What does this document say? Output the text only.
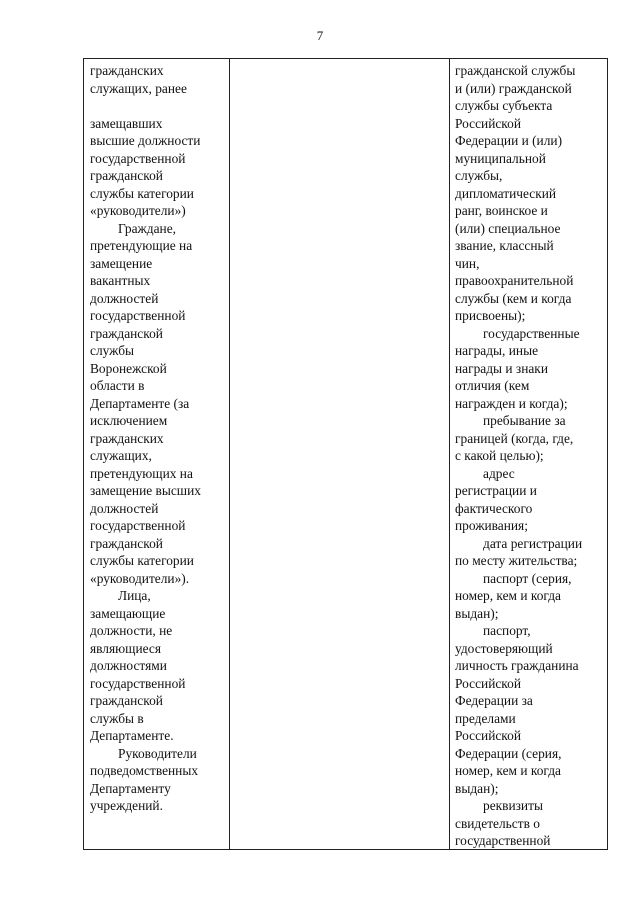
7
гражданских
служащих, ранее
замещавших
высшие должности
государственной
гражданской
службы категории
«руководители»)
Граждане,
претендующие на
замещение
вакантных
должностей
государственной
гражданской
службы
Воронежской
области в
Департаменте (за
исключением
гражданских
служащих,
претендующих на
замещение высших
должностей
государственной
гражданской
службы категории
«руководители»).
Лица,
замещающие
должности, не
являющиеся
должностями
государственной
гражданской
службы в
Департаменте.
Руководители
подведомственных
Департаменту
учреждений.
гражданской службы
и (или) гражданской
службы субъекта
Российской
Федерации и (или)
муниципальной
службы,
дипломатический
ранг, воинское и
(или) специальное
звание, классный
чин,
правоохранительной
службы (кем и когда
присвоены);
государственные
награды, иные
награды и знаки
отличия (кем
награжден и когда);
пребывание за
границей (когда, где,
с какой целью);
адрес
регистрации и
фактического
проживания;
дата регистрации
по месту жительства;
паспорт (серия,
номер, кем и когда
выдан);
паспорт,
удостоверяющий
личность гражданина
Российской
Федерации за
пределами
Российской
Федерации (серия,
номер, кем и когда
выдан);
реквизиты
свидетельств о
государственной
